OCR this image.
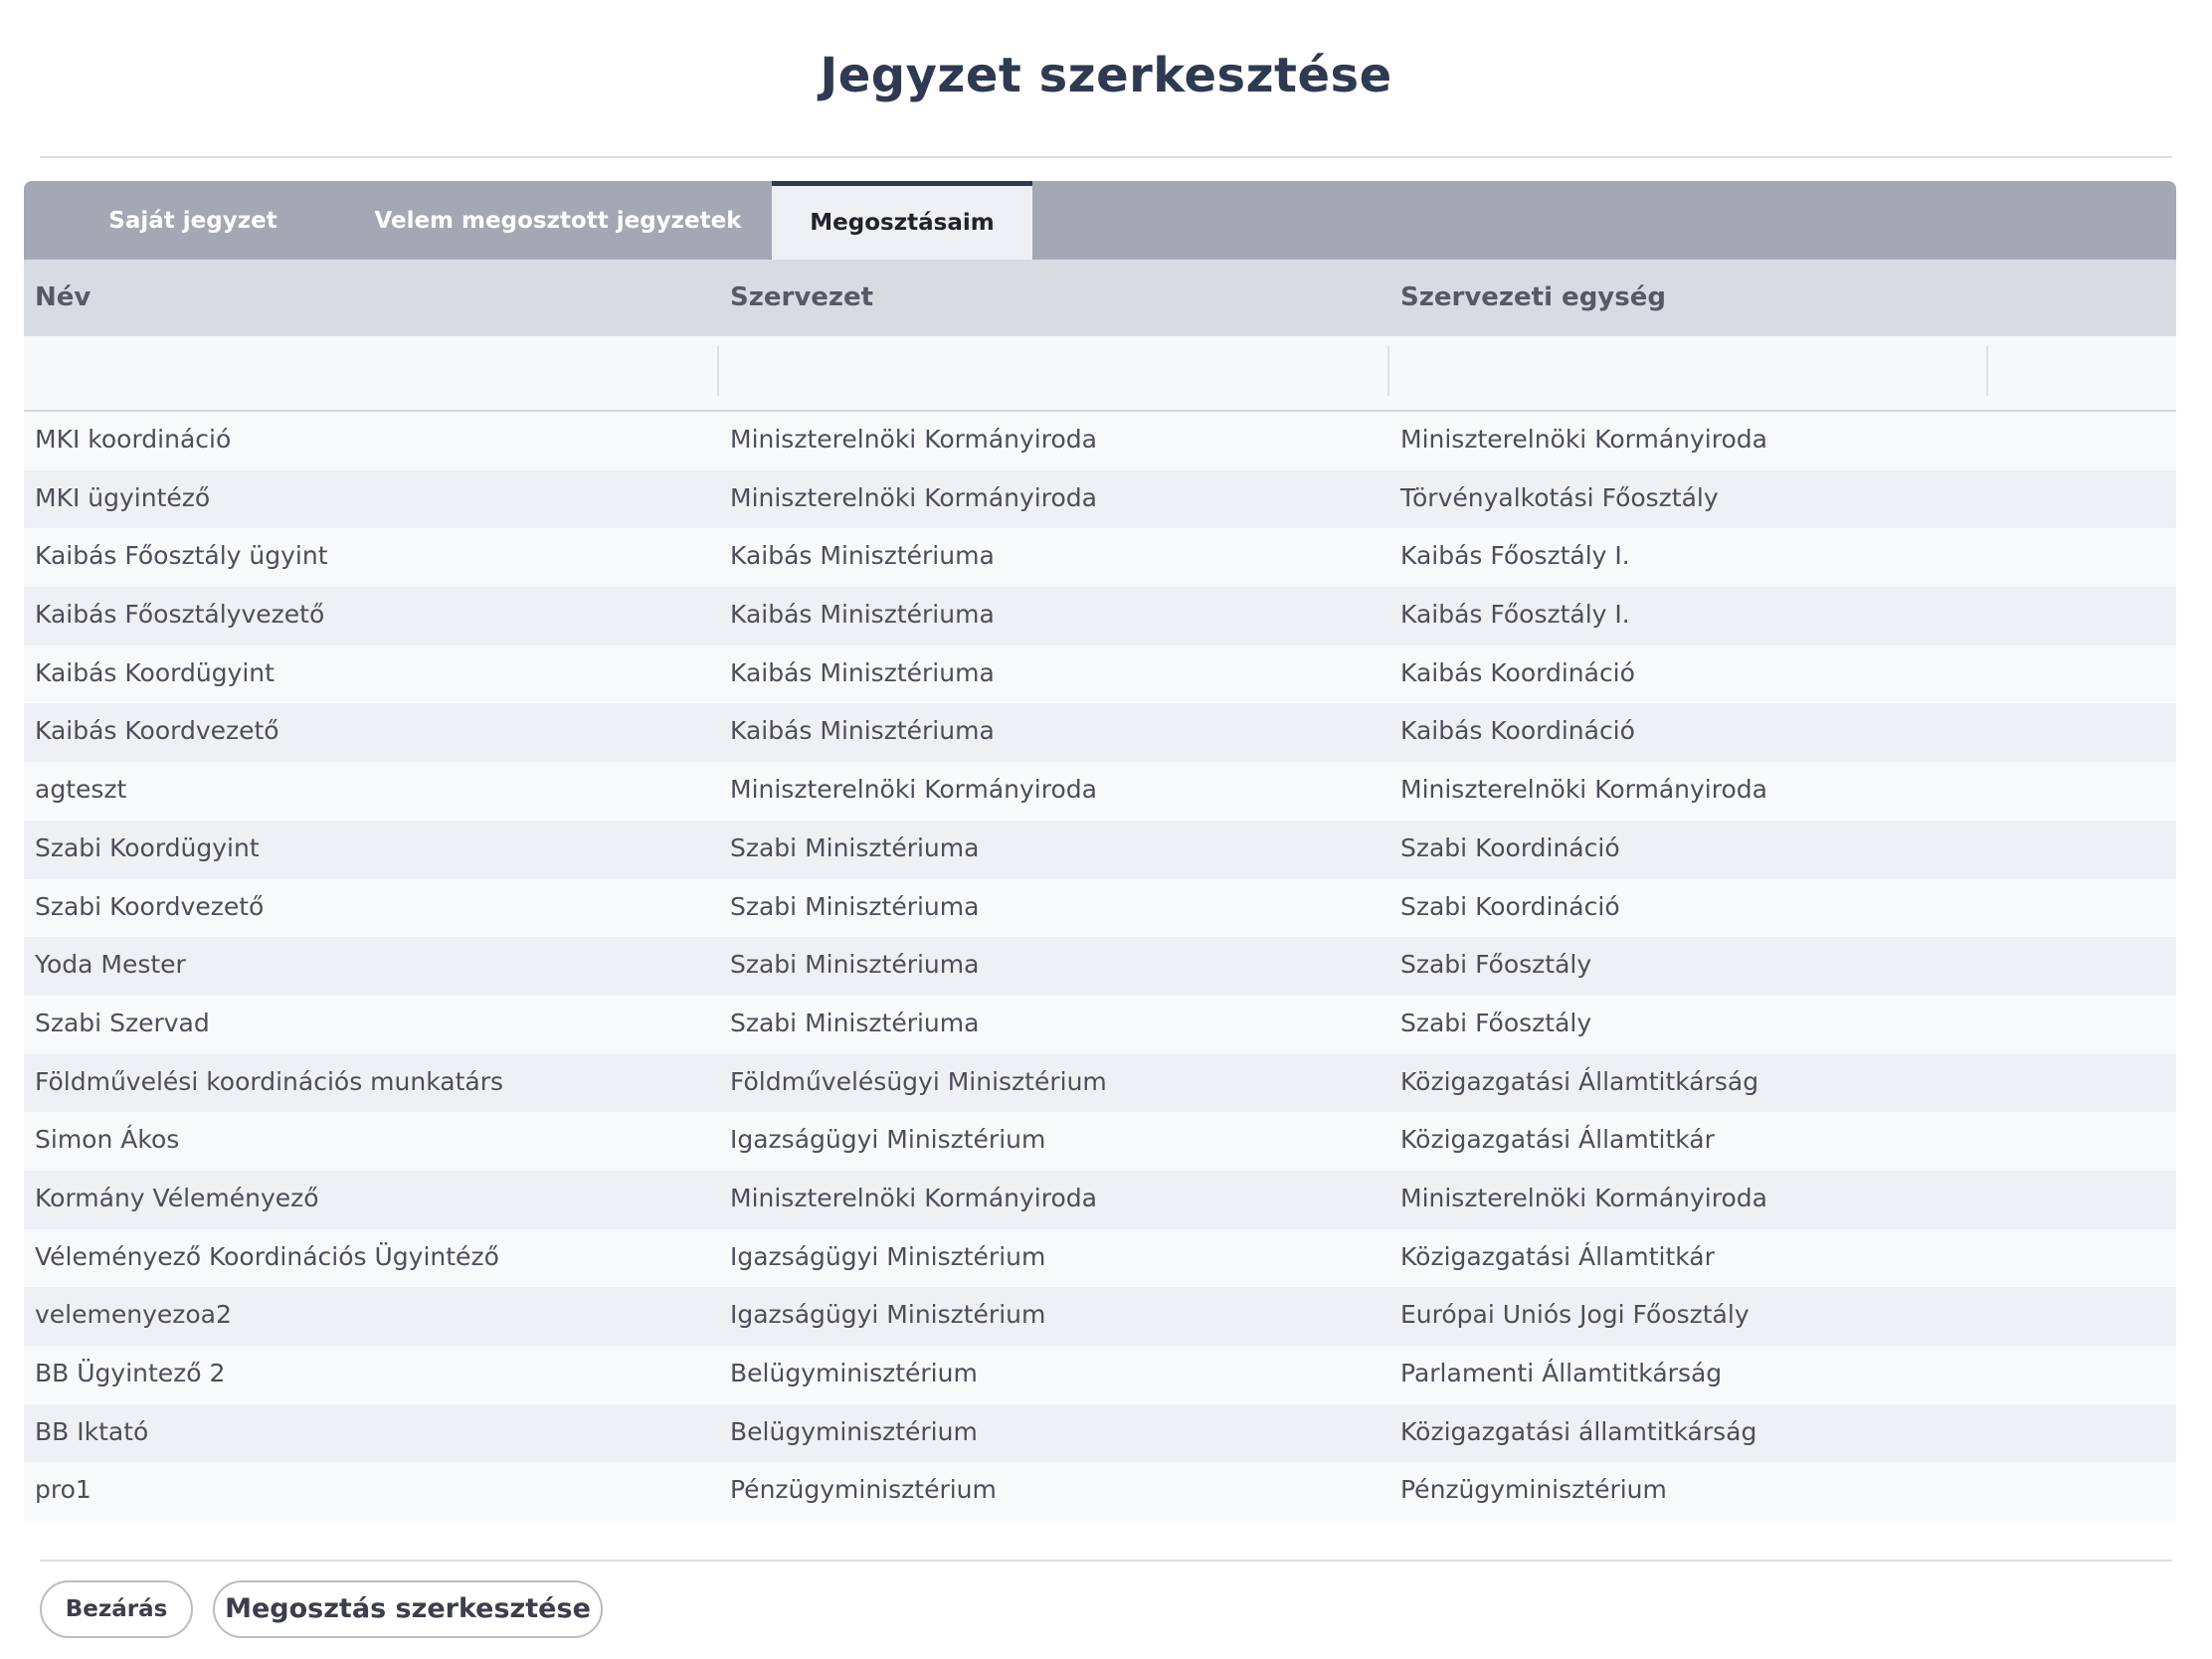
Jegyzet szerkesztése
Saját jegyzet	Velem megosztott jegyzetek	Megosztásaim
Név	Szervezet	Szervezeti egység
MKI koordináció	Miniszterelnöki Kormányiroda	Miniszterelnöki Kormányiroda
MKI ügyintéző	Miniszterelnöki Kormányiroda	Törvényalkotási Főosztály
Kaibás Főosztály ügyint	Kaibás Minisztériuma	Kaibás Főosztály I.
Kaibás Főosztályvezető	Kaibás Minisztériuma	Kaibás Főosztály I.
Kaibás Koordügyint	Kaibás Minisztériuma	Kaibás Koordináció
Kaibás Koordvezető	Kaibás Minisztériuma	Kaibás Koordináció
agteszt	Miniszterelnöki Kormányiroda	Miniszterelnöki Kormányiroda
Szabi Koordügyint	Szabi Minisztériuma	Szabi Koordináció
Szabi Koordvezető	Szabi Minisztériuma	Szabi Koordináció
Yoda Mester	Szabi Minisztériuma	Szabi Főosztály
Szabi Szervad	Szabi Minisztériuma	Szabi Főosztály
Földművelési koordinációs munkatárs	Földművelésügyi Minisztérium	Közigazgatási Államtitkárság
Simon Ákos	Igazságügyi Minisztérium	Közigazgatási Államtitkár
Kormány Véleményező	Miniszterelnöki Kormányiroda	Miniszterelnöki Kormányiroda
Véleményező Koordinációs Ügyintéző	Igazságügyi Minisztérium	Közigazgatási Államtitkár
velemenyezoa2	Igazságügyi Minisztérium	Európai Uniós Jogi Főosztály
BB Ügyintező 2	Belügyminisztérium	Parlamenti Államtitkárság
BB Iktató	Belügyminisztérium	Közigazgatási államtitkárság
pro1	Pénzügyminisztérium	Pénzügyminisztérium
Bezárás	Megosztás szerkesztése
